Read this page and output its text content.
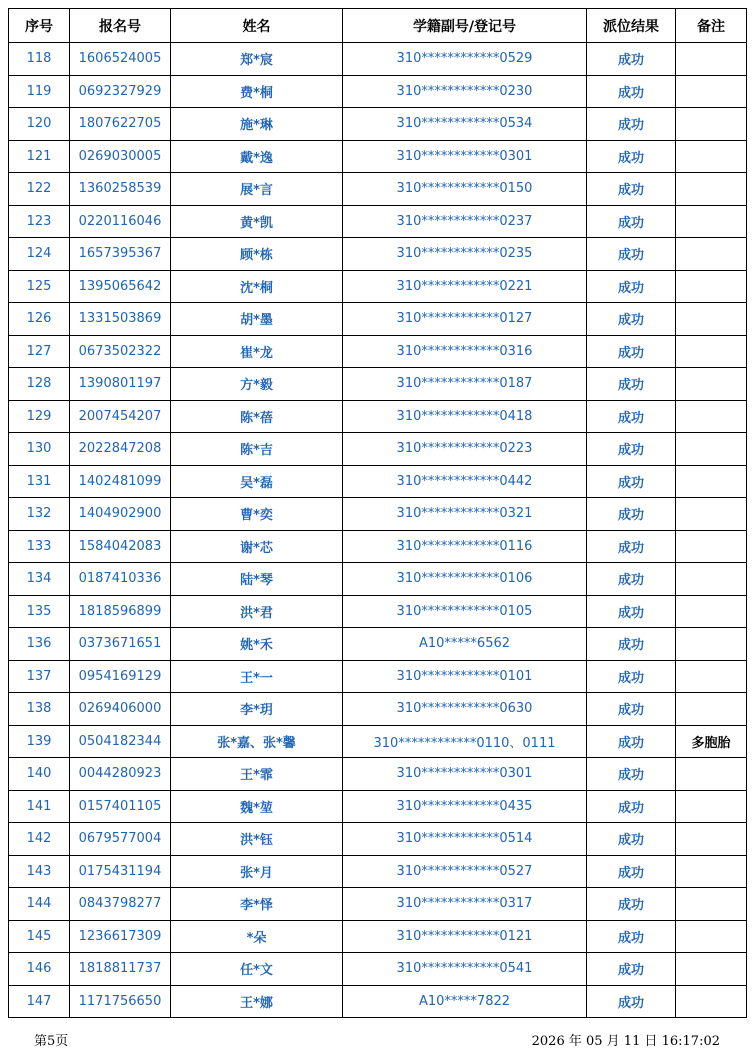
序号	报名号	姓名	学籍副号/登记号	派位结果	备注
118	1606524005	郑*宸	310************0529	成功	
119	0692327929	费*桐	310************0230	成功	
120	1807622705	施*琳	310************0534	成功	
121	0269030005	戴*逸	310************0301	成功	
122	1360258539	展*言	310************0150	成功	
123	0220116046	黄*凯	310************0237	成功	
124	1657395367	顾*栋	310************0235	成功	
125	1395065642	沈*桐	310************0221	成功	
126	1331503869	胡*墨	310************0127	成功	
127	0673502322	崔*龙	310************0316	成功	
128	1390801197	方*毅	310************0187	成功	
129	2007454207	陈*蓓	310************0418	成功	
130	2022847208	陈*吉	310************0223	成功	
131	1402481099	吴*磊	310************0442	成功	
132	1404902900	曹*奕	310************0321	成功	
133	1584042083	谢*芯	310************0116	成功	
134	0187410336	陆*琴	310************0106	成功	
135	1818596899	洪*君	310************0105	成功	
136	0373671651	姚*禾	A10*****6562	成功	
137	0954169129	王*一	310************0101	成功	
138	0269406000	李*玥	310************0630	成功	
139	0504182344	张*嘉、张*馨	310************0110、0111	成功	多胞胎
140	0044280923	王*霏	310************0301	成功	
141	0157401105	魏*堃	310************0435	成功	
142	0679577004	洪*钰	310************0514	成功	
143	0175431194	张*月	310************0527	成功	
144	0843798277	李*怿	310************0317	成功	
145	1236617309	*朵	310************0121	成功	
146	1818811737	任*文	310************0541	成功	
147	1171756650	王*娜	A10*****7822	成功	
第5页	2026 年 05 月 11 日 16:17:02
